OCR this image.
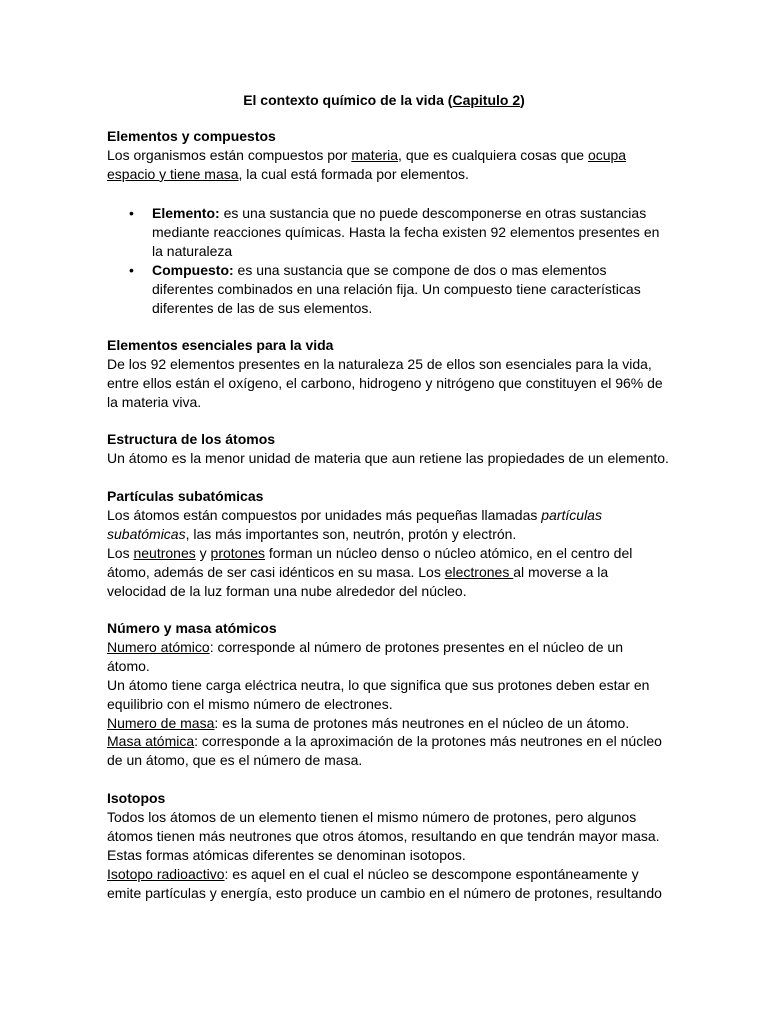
El contexto químico de la vida (Capitulo 2)
Elementos y compuestos
Los organismos están compuestos por materia, que es cualquiera cosas que ocupa
espacio y tiene masa, la cual está formada por elementos.
• Elemento: es una sustancia que no puede descomponerse en otras sustancias
mediante reacciones químicas. Hasta la fecha existen 92 elementos presentes en
la naturaleza
• Compuesto: es una sustancia que se compone de dos o mas elementos
diferentes combinados en una relación fija. Un compuesto tiene características
diferentes de las de sus elementos.
Elementos esenciales para la vida
De los 92 elementos presentes en la naturaleza 25 de ellos son esenciales para la vida,
entre ellos están el oxígeno, el carbono, hidrogeno y nitrógeno que constituyen el 96% de
la materia viva.
Estructura de los átomos
Un átomo es la menor unidad de materia que aun retiene las propiedades de un elemento.
Partículas subatómicas
Los átomos están compuestos por unidades más pequeñas llamadas partículas
subatómicas, las más importantes son, neutrón, protón y electrón.
Los neutrones y protones forman un núcleo denso o núcleo atómico, en el centro del
átomo, además de ser casi idénticos en su masa. Los electrones al moverse a la
velocidad de la luz forman una nube alrededor del núcleo.
Número y masa atómicos
Numero atómico: corresponde al número de protones presentes en el núcleo de un
átomo.
Un átomo tiene carga eléctrica neutra, lo que significa que sus protones deben estar en
equilibrio con el mismo número de electrones.
Numero de masa: es la suma de protones más neutrones en el núcleo de un átomo.
Masa atómica: corresponde a la aproximación de la protones más neutrones en el núcleo
de un átomo, que es el número de masa.
Isotopos
Todos los átomos de un elemento tienen el mismo número de protones, pero algunos
átomos tienen más neutrones que otros átomos, resultando en que tendrán mayor masa.
Estas formas atómicas diferentes se denominan isotopos.
Isotopo radioactivo: es aquel en el cual el núcleo se descompone espontáneamente y
emite partículas y energía, esto produce un cambio en el número de protones, resultando
